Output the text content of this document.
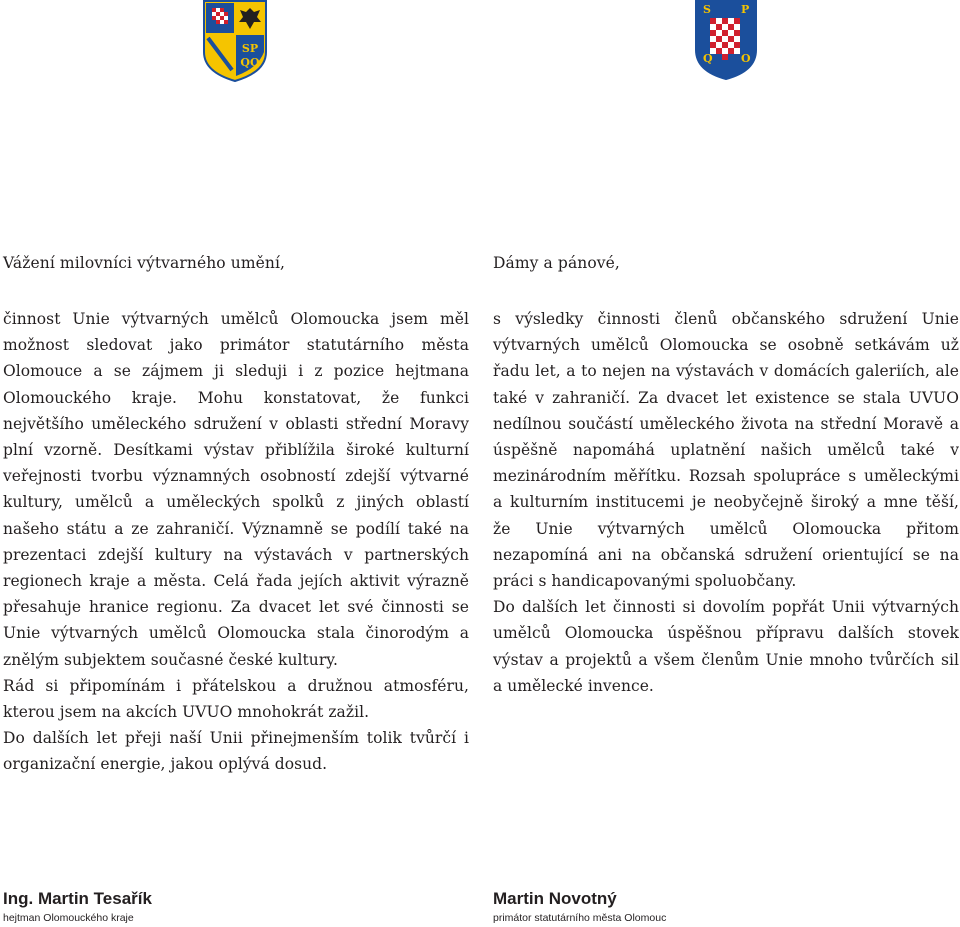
SP
QO
S	P
Q	O

Vážení milovníci výtvarného umění,

činnost Unie výtvarných umělců Olomoucka jsem měl možnost sledovat jako primátor statutárního města Olomouce a se zájmem ji sleduji i z pozice hejtmana Olomouckého kraje. Mohu konstatovat, že funkci největšího uměleckého sdružení v oblasti střední Moravy plní vzorně. Desítkami výstav přiblížila široké kulturní veřejnosti tvorbu významných osobností zdejší výtvarné kultury, umělců a uměleckých spolků z jiných oblastí našeho státu a ze zahraničí. Významně se podílí také na prezentaci zdejší kultury na výstavách v partnerských regionech kraje a města. Celá řada jejích aktivit výrazně přesahuje hranice regionu. Za dvacet let své činnosti se Unie výtvarných umělců Olomoucka stala činorodým a znělým subjektem současné české kultury.

Rád si připomínám i přátelskou a družnou atmosféru, kterou jsem na akcích UVUO mnohokrát zažil.

Do dalších let přeji naší Unii přinejmenším tolik tvůrčí i organizační energie, jakou oplývá dosud.

Dámy a pánové,

s výsledky činnosti členů občanského sdružení Unie výtvarných umělců Olomoucka se osobně setkávám už řadu let, a to nejen na výstavách v domácích galeriích, ale také v zahraničí. Za dvacet let existence se stala UVUO nedílnou součástí uměleckého života na střední Moravě a úspěšně napomáhá uplatnění našich umělců také v mezinárodním měřítku. Rozsah spolupráce s uměleckými a kulturním institucemi je neobyčejně široký a mne těší, že Unie výtvarných umělců Olomoucka přitom nezapomíná ani na občanská sdružení orientující se na práci s handicapovanými spoluobčany.

Do dalších let činnosti si dovolím popřát Unii výtvarných umělců Olomoucka úspěšnou přípravu dalších stovek výstav a projektů a všem členům Unie mnoho tvůrčích sil a umělecké invence.

Ing. Martin Tesařík
hejtman Olomouckého kraje
Martin Novotný
primátor statutárního města Olomouc
